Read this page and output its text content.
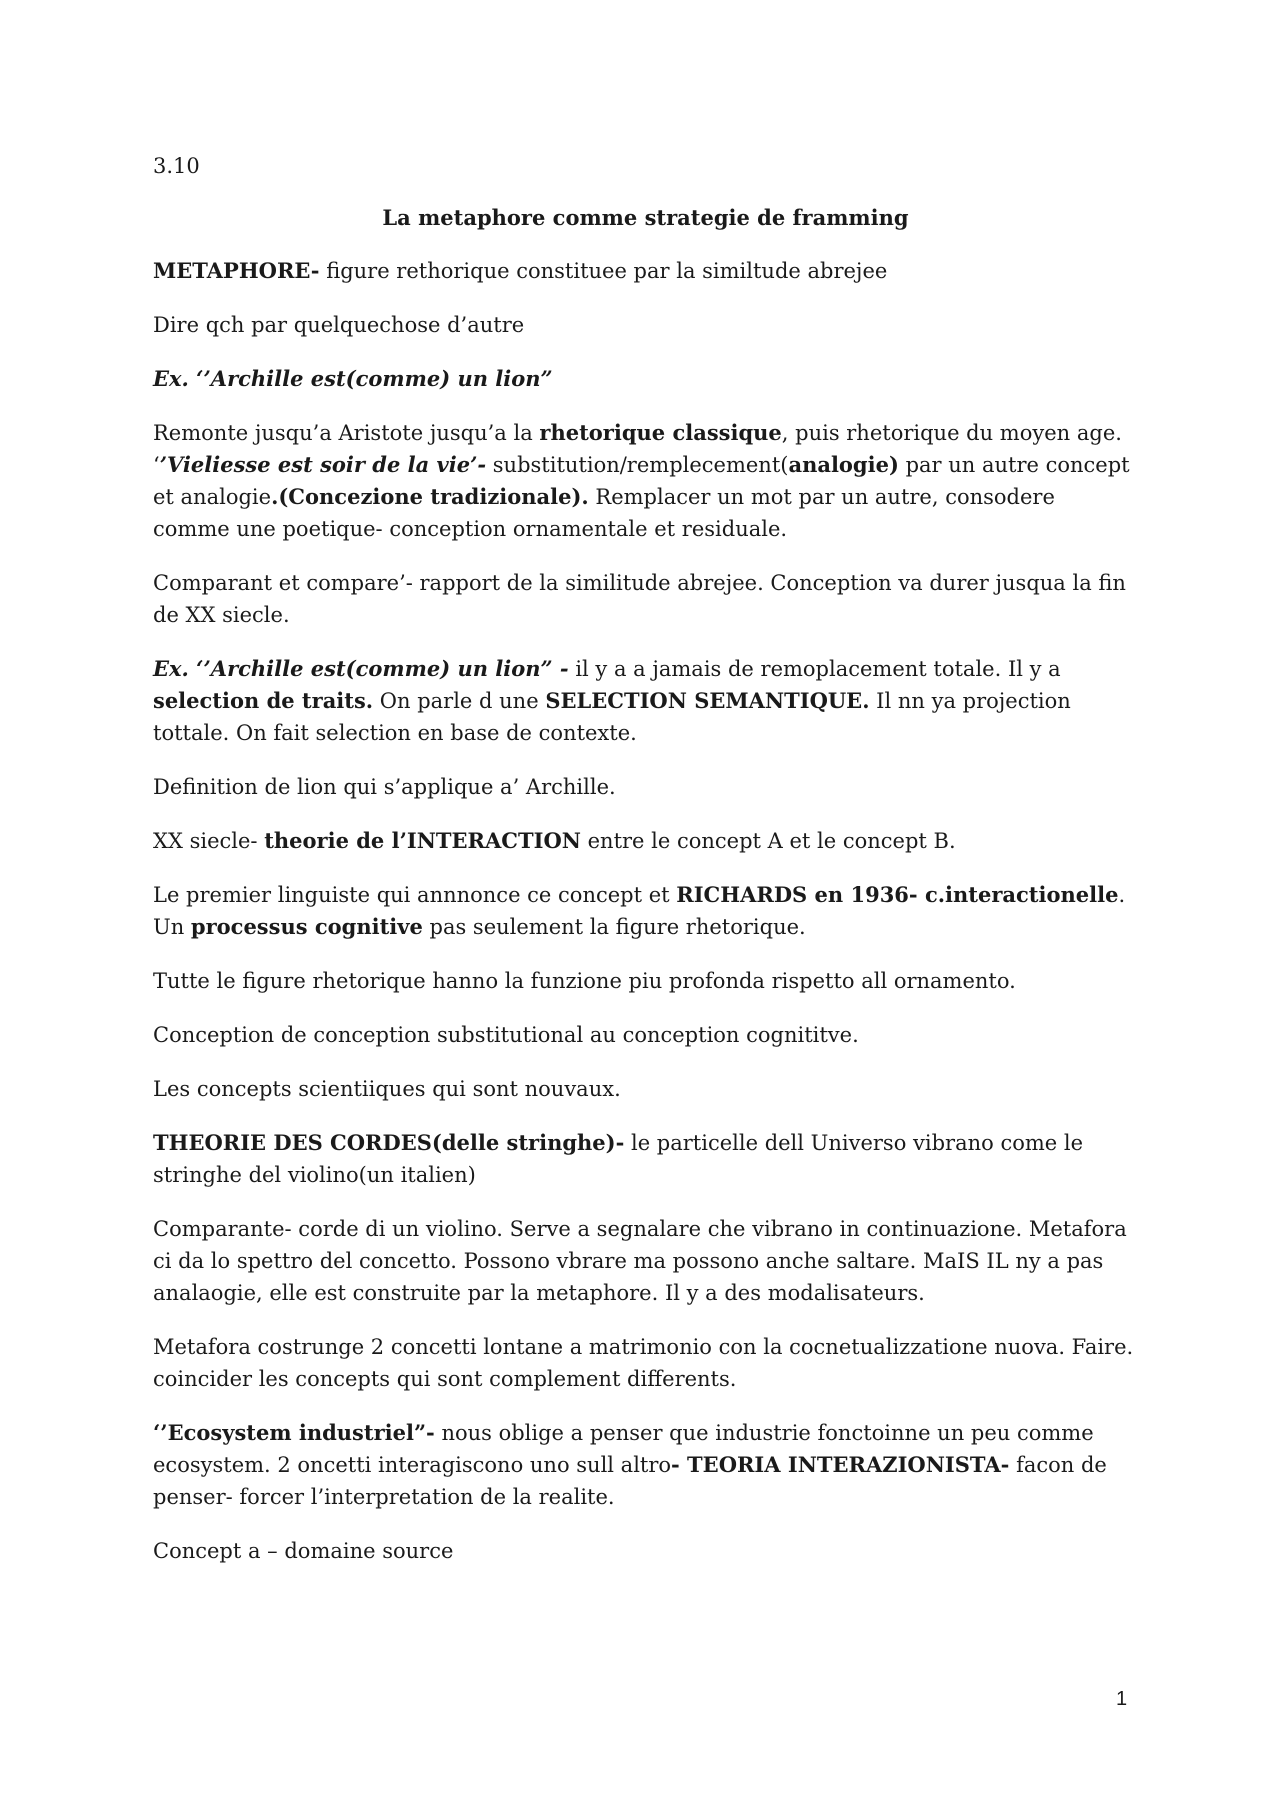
3.10
La metaphore comme strategie de framming

METAPHORE- figure rethorique constituee par la similtude abrejee

Dire qch par quelquechose d’autre

Ex. ‘’Archille est(comme) un lion”

Remonte jusqu’a Aristote jusqu’a la rhetorique classique, puis rhetorique du moyen age. ‘’Vieliesse est soir de la vie’- substitution/remplecement(analogie) par un autre concept et analogie.(Concezione tradizionale). Remplacer un mot par un autre, consodere comme une poetique- conception ornamentale et residuale.

Comparant et compare’- rapport de la similitude abrejee. Conception va durer jusqua la fin de XX siecle.

Ex. ‘’Archille est(comme) un lion” - il y a a jamais de remoplacement totale. Il y a selection de traits. On parle d une SELECTION SEMANTIQUE. Il nn ya projection tottale. On fait selection en base de contexte.

Definition de lion qui s’applique a’ Archille.

XX siecle- theorie de l’INTERACTION entre le concept A et le concept B.

Le premier linguiste qui annnonce ce concept et RICHARDS en 1936- c.interactionelle. Un processus cognitive pas seulement la figure rhetorique.

Tutte le figure rhetorique hanno la funzione piu profonda rispetto all ornamento.

Conception de conception substitutional au conception cognititve.

Les concepts scientiiques qui sont nouvaux.

THEORIE DES CORDES(delle stringhe)- le particelle dell Universo vibrano come le stringhe del violino(un italien)

Comparante- corde di un violino. Serve a segnalare che vibrano in continuazione. Metafora ci da lo spettro del concetto. Possono vbrare ma possono anche saltare. MaIS IL ny a pas analaogie, elle est construite par la metaphore. Il y a des modalisateurs.

Metafora costrunge 2 concetti lontane a matrimonio con la cocnetualizzatione nuova. Faire. coincider les concepts qui sont complement differents.

‘’Ecosystem industriel”- nous oblige a penser que industrie fonctoinne un peu comme ecosystem. 2 oncetti interagiscono uno sull altro- TEORIA INTERAZIONISTA- facon de penser- forcer l’interpretation de la realite.

Concept a – domaine source

1
